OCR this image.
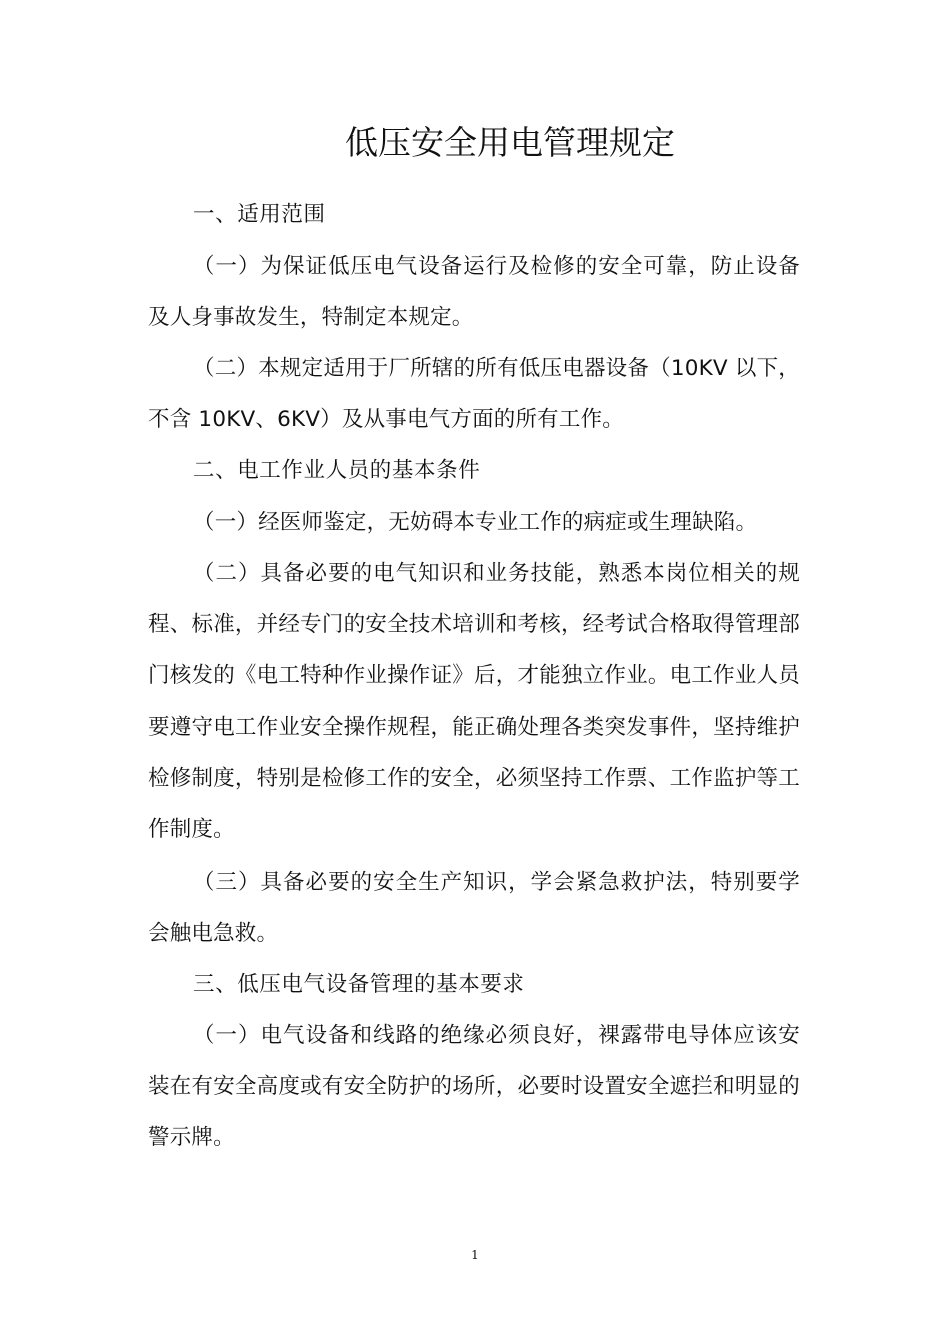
低压安全用电管理规定

一、适用范围

（一）为保证低压电气设备运行及检修的安全可靠，防止设备及人身事故发生，特制定本规定。

（二）本规定适用于厂所辖的所有低压电器设备（10KV 以下，不含 10KV、6KV）及从事电气方面的所有工作。

二、电工作业人员的基本条件

（一）经医师鉴定，无妨碍本专业工作的病症或生理缺陷。

（二）具备必要的电气知识和业务技能，熟悉本岗位相关的规程、标准，并经专门的安全技术培训和考核，经考试合格取得管理部门核发的《电工特种作业操作证》后，才能独立作业。电工作业人员要遵守电工作业安全操作规程，能正确处理各类突发事件，坚持维护检修制度，特别是检修工作的安全，必须坚持工作票、工作监护等工作制度。

（三）具备必要的安全生产知识，学会紧急救护法，特别要学会触电急救。

三、低压电气设备管理的基本要求

（一）电气设备和线路的绝缘必须良好，裸露带电导体应该安装在有安全高度或有安全防护的场所，必要时设置安全遮拦和明显的警示牌。

1
